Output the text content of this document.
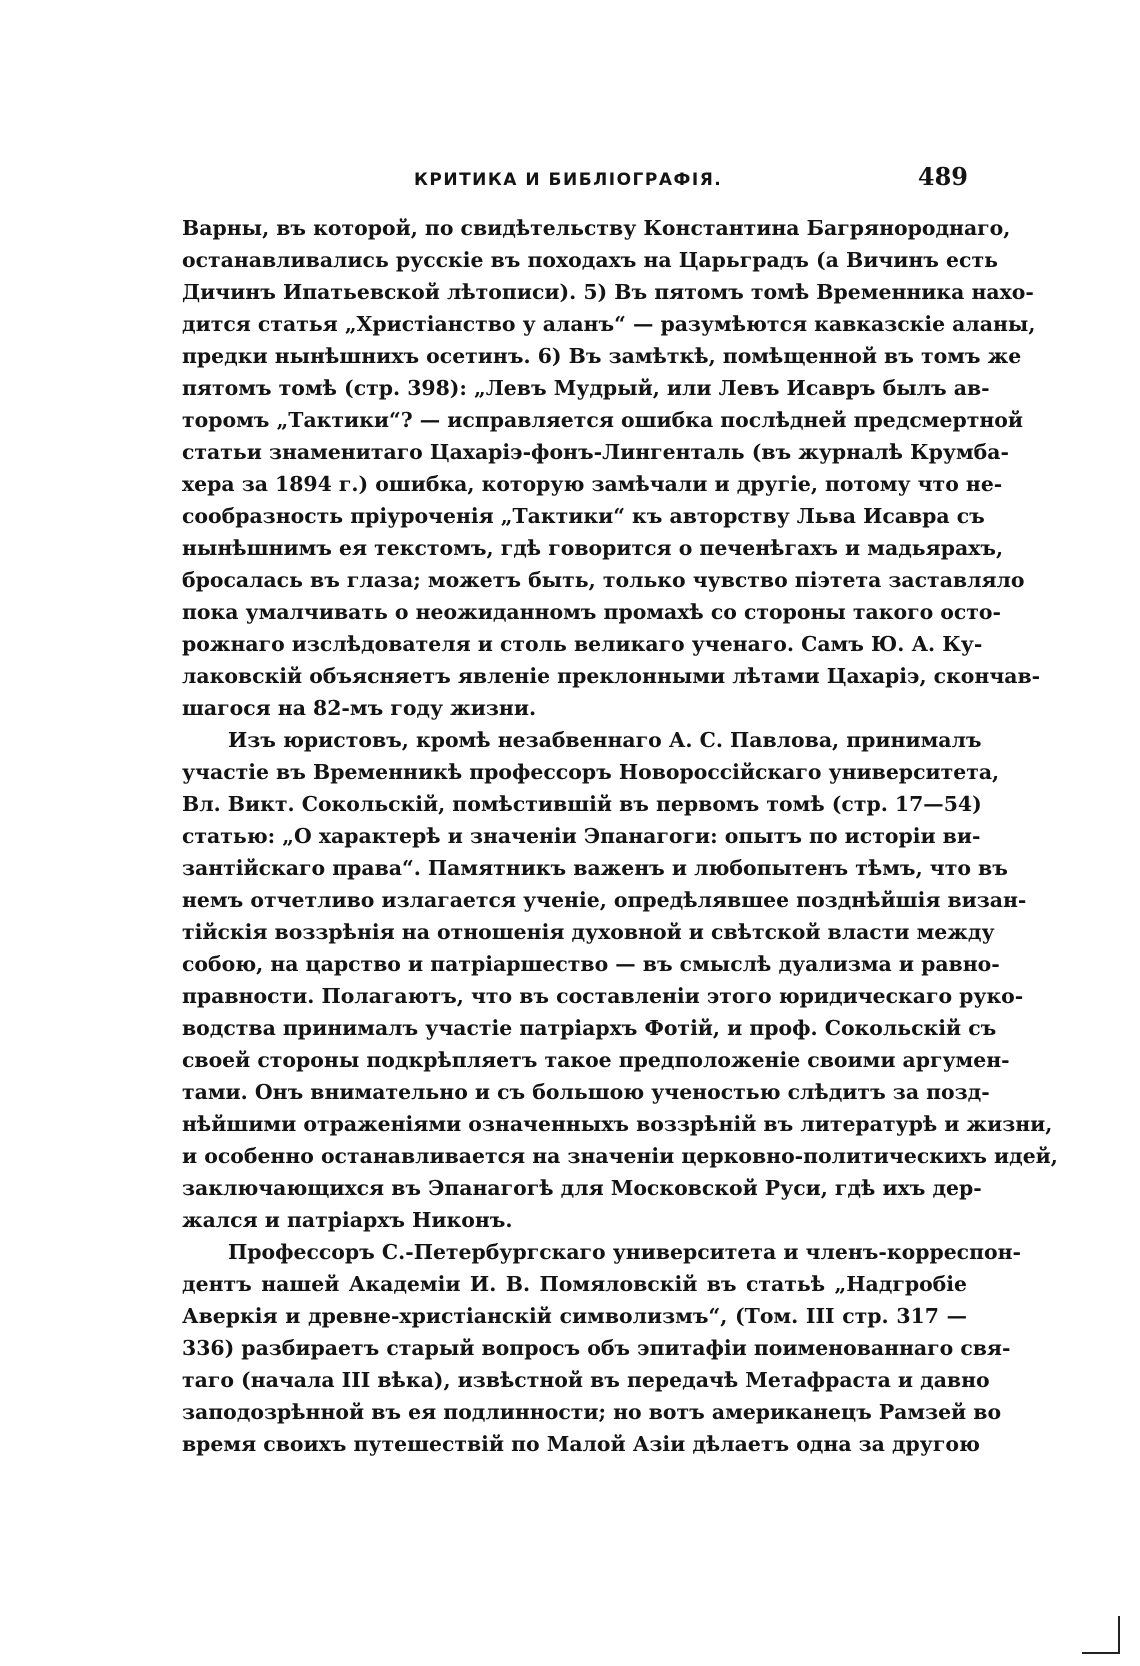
КРИТИКА И БИБЛІОГРАФІЯ.	489
Варны, въ которой, по свидѣтельству Константина Багрянороднаго,
останавливались русскіе въ походахъ на Царьградъ (а Вичинъ есть
Дичинъ Ипатьевской лѣтописи). 5) Въ пятомъ томѣ Временника нахо-
дится статья „Христіанство у аланъ“ — разумѣются кавказскіе аланы,
предки нынѣшнихъ осетинъ. 6) Въ замѣткѣ, помѣщенной въ томъ же
пятомъ томѣ (стр. 398): „Левъ Мудрый, или Левъ Исавръ былъ ав-
торомъ „Тактики“? — исправляется ошибка послѣдней предсмертной
статьи знаменитаго Цахаріэ-фонъ-Лингенталь (въ журналѣ Крумба-
хера за 1894 г.) ошибка, которую замѣчали и другіе, потому что не-
сообразность пріуроченія „Тактики“ къ авторству Льва Исавра съ
нынѣшнимъ ея текстомъ, гдѣ говорится о печенѣгахъ и мадьярахъ,
бросалась въ глаза; можетъ быть, только чувство піэтета заставляло
пока умалчивать о неожиданномъ промахѣ со стороны такого осто-
рожнаго изслѣдователя и столь великаго ученаго. Самъ Ю. А. Ку-
лаковскій объясняетъ явленіе преклонными лѣтами Цахаріэ, скончав-
шагося на 82-мъ году жизни.
Изъ юристовъ, кромѣ незабвеннаго А. С. Павлова, принималъ
участіе въ Временникѣ профессоръ Новороссійскаго университета,
Вл. Викт. Сокольскій, помѣстившій въ первомъ томѣ (стр. 17—54)
статью: „О характерѣ и значеніи Эпанагоги: опытъ по исторіи ви-
зантійскаго права“. Памятникъ важенъ и любопытенъ тѣмъ, что въ
немъ отчетливо излагается ученіе, опредѣлявшее позднѣйшія визан-
тійскія воззрѣнія на отношенія духовной и свѣтской власти между
собою, на царство и патріаршество — въ смыслѣ дуализма и равно-
правности. Полагаютъ, что въ составленіи этого юридическаго руко-
водства принималъ участіе патріархъ Фотій, и проф. Сокольскій съ
своей стороны подкрѣпляетъ такое предположеніе своими аргумен-
тами. Онъ внимательно и съ большою ученостью слѣдитъ за позд-
нѣйшими отраженіями означенныхъ воззрѣній въ литературѣ и жизни,
и особенно останавливается на значеніи церковно-политическихъ идей,
заключающихся въ Эпанагогѣ для Московской Руси, гдѣ ихъ дер-
жался и патріархъ Никонъ.
Профессоръ С.-Петербургскаго университета и членъ-корреспон-
дентъ нашей Академіи И. В. Помяловскій въ статьѣ „Надгробіе
Аверкія и древне-христіанскій символизмъ“, (Том. III стр. 317 —
336) разбираетъ старый вопросъ объ эпитафіи поименованнаго свя-
таго (начала III вѣка), извѣстной въ передачѣ Метафраста и давно
заподозрѣнной въ ея подлинности; но вотъ американецъ Рамзей во
время своихъ путешествій по Малой Азіи дѣлаетъ одна за другою
